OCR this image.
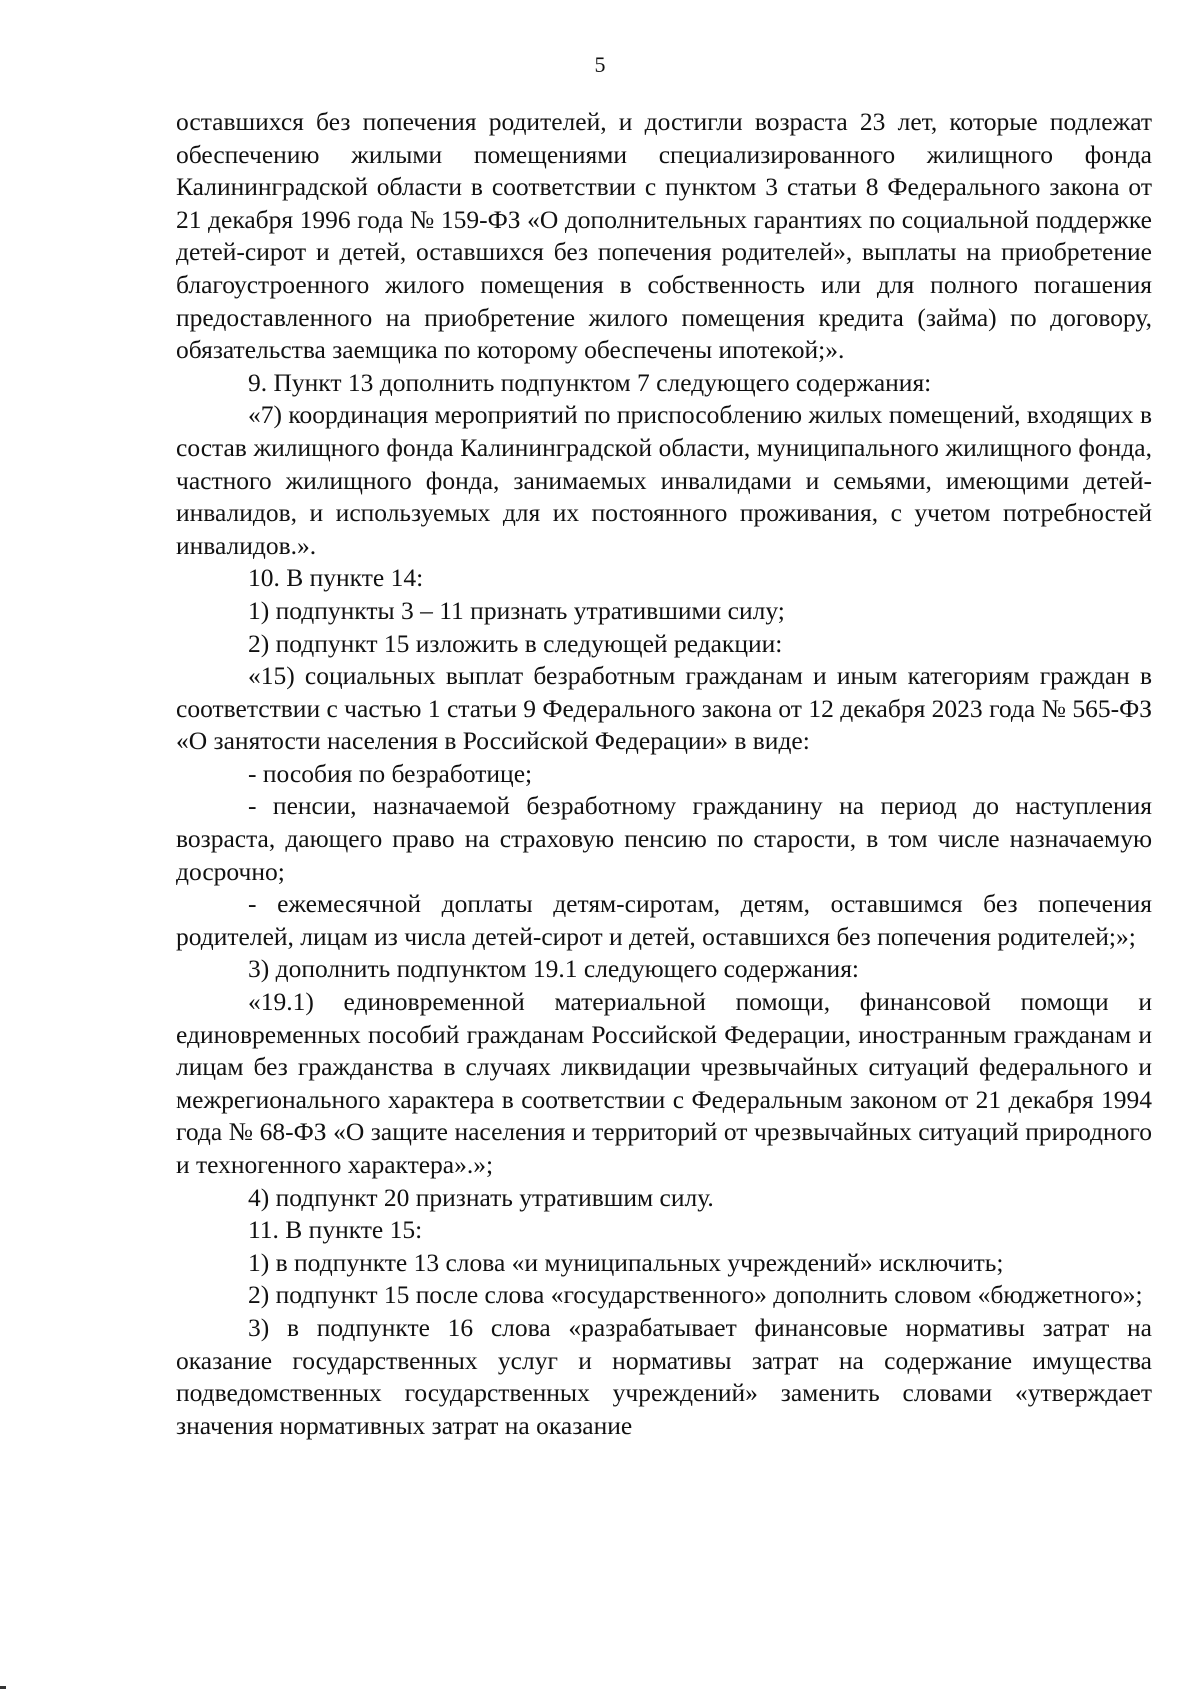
5

оставшихся без попечения родителей, и достигли возраста 23 лет, которые подлежат обеспечению жилыми помещениями специализированного жилищного фонда Калининградской области в соответствии с пунктом 3 статьи 8 Федерального закона от 21 декабря 1996 года № 159-ФЗ «О дополнительных гарантиях по социальной поддержке детей-сирот и детей, оставшихся без попечения родителей», выплаты на приобретение благоустроенного жилого помещения в собственность или для полного погашения предоставленного на приобретение жилого помещения кредита (займа) по договору, обязательства заемщика по которому обеспечены ипотекой;».

9. Пункт 13 дополнить подпунктом 7 следующего содержания:

«7) координация мероприятий по приспособлению жилых помещений, входящих в состав жилищного фонда Калининградской области, муниципального жилищного фонда, частного жилищного фонда, занимаемых инвалидами и семьями, имеющими детей-инвалидов, и используемых для их постоянного проживания, с учетом потребностей инвалидов.».

10. В пункте 14:

1) подпункты 3 – 11 признать утратившими силу;

2) подпункт 15 изложить в следующей редакции:

«15) социальных выплат безработным гражданам и иным категориям граждан в соответствии с частью 1 статьи 9 Федерального закона от 12 декабря 2023 года № 565-ФЗ «О занятости населения в Российской Федерации» в виде:

- пособия по безработице;

- пенсии, назначаемой безработному гражданину на период до наступления возраста, дающего право на страховую пенсию по старости, в том числе назначаемую досрочно;

- ежемесячной доплаты детям-сиротам, детям, оставшимся без попечения родителей, лицам из числа детей-сирот и детей, оставшихся без попечения родителей;»;

3) дополнить подпунктом 19.1 следующего содержания:

«19.1) единовременной материальной помощи, финансовой помощи и единовременных пособий гражданам Российской Федерации, иностранным гражданам и лицам без гражданства в случаях ликвидации чрезвычайных ситуаций федерального и межрегионального характера в соответствии с Федеральным законом от 21 декабря 1994 года № 68-ФЗ «О защите населения и территорий от чрезвычайных ситуаций природного и техногенного характера».»;

4) подпункт 20 признать утратившим силу.

11. В пункте 15:

1) в подпункте 13 слова «и муниципальных учреждений» исключить;

2) подпункт 15 после слова «государственного» дополнить словом «бюджетного»;

3) в подпункте 16 слова «разрабатывает финансовые нормативы затрат на оказание государственных услуг и нормативы затрат на содержание имущества подведомственных государственных учреждений» заменить словами «утверждает значения нормативных затрат на оказание
